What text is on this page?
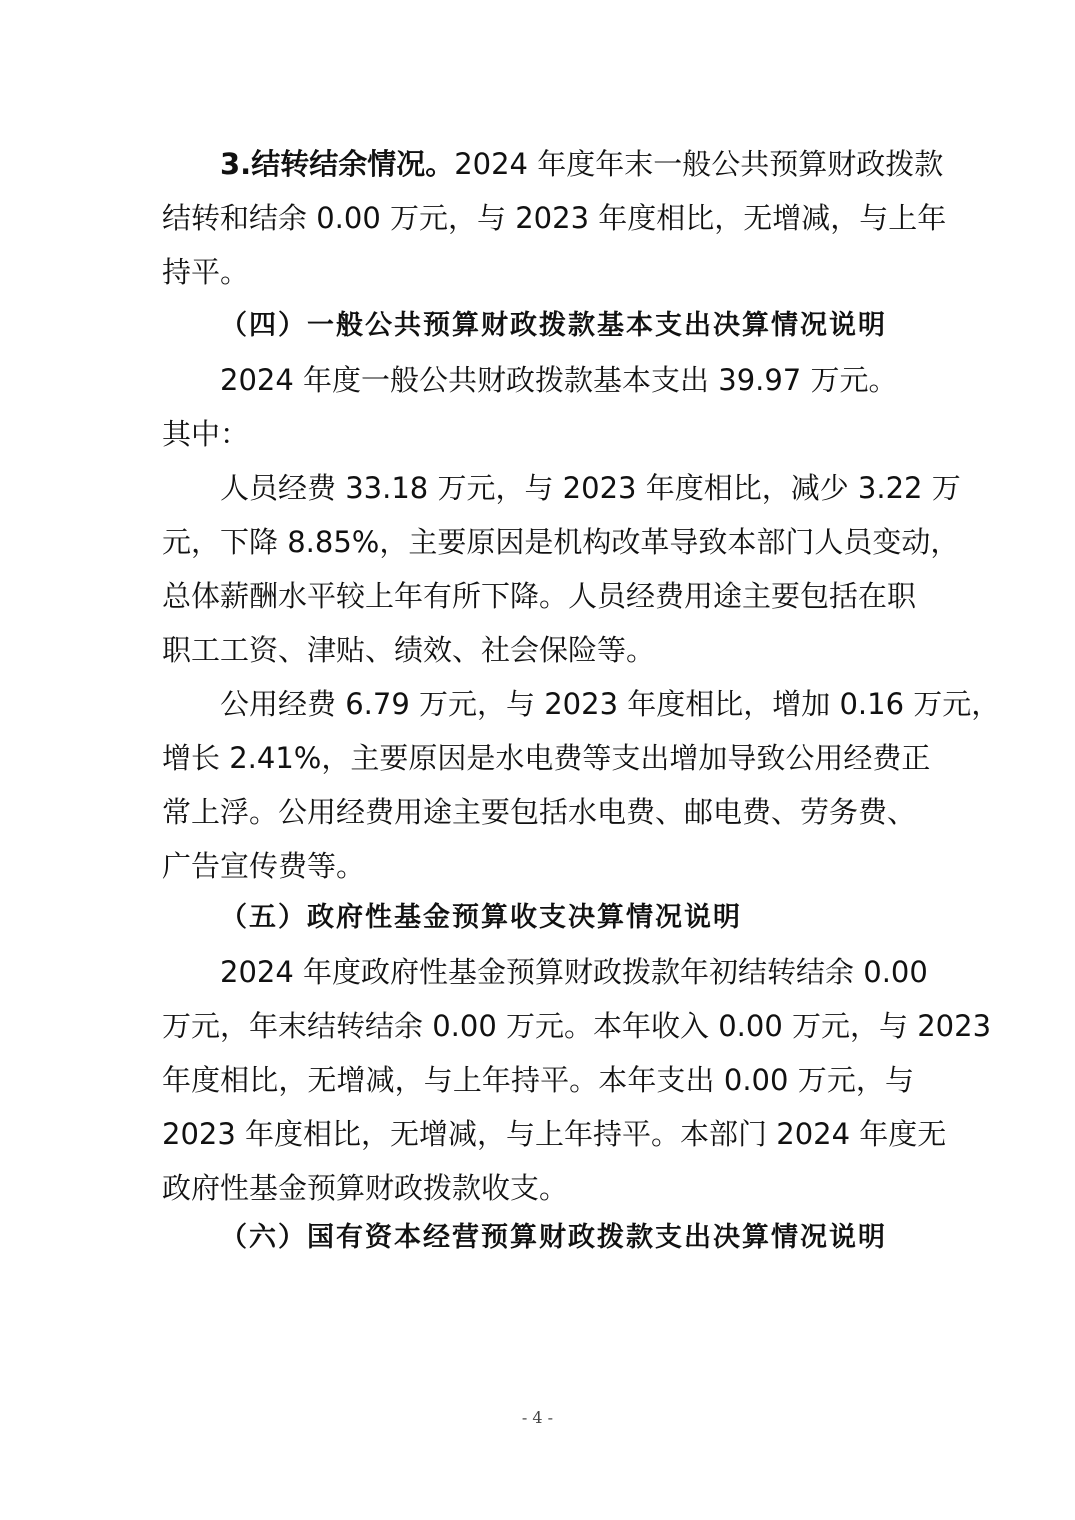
3.结转结余情况。2024 年度年末一般公共预算财政拨款
结转和结余 0.00 万元，与 2023 年度相比，无增减，与上年
持平。
（四）一般公共预算财政拨款基本支出决算情况说明
2024 年度一般公共财政拨款基本支出 39.97 万元。
其中：
人员经费 33.18 万元，与 2023 年度相比，减少 3.22 万
元，下降 8.85%，主要原因是机构改革导致本部门人员变动，
总体薪酬水平较上年有所下降。人员经费用途主要包括在职
职工工资、津贴、绩效、社会保险等。
公用经费 6.79 万元，与 2023 年度相比，增加 0.16 万元，
增长 2.41%，主要原因是水电费等支出增加导致公用经费正
常上浮。公用经费用途主要包括水电费、邮电费、劳务费、
广告宣传费等。
（五）政府性基金预算收支决算情况说明
2024 年度政府性基金预算财政拨款年初结转结余 0.00
万元，年末结转结余 0.00 万元。本年收入 0.00 万元，与 2023
年度相比，无增减，与上年持平。本年支出 0.00 万元，与
2023 年度相比，无增减，与上年持平。本部门 2024 年度无
政府性基金预算财政拨款收支。
（六）国有资本经营预算财政拨款支出决算情况说明
- 4 -
